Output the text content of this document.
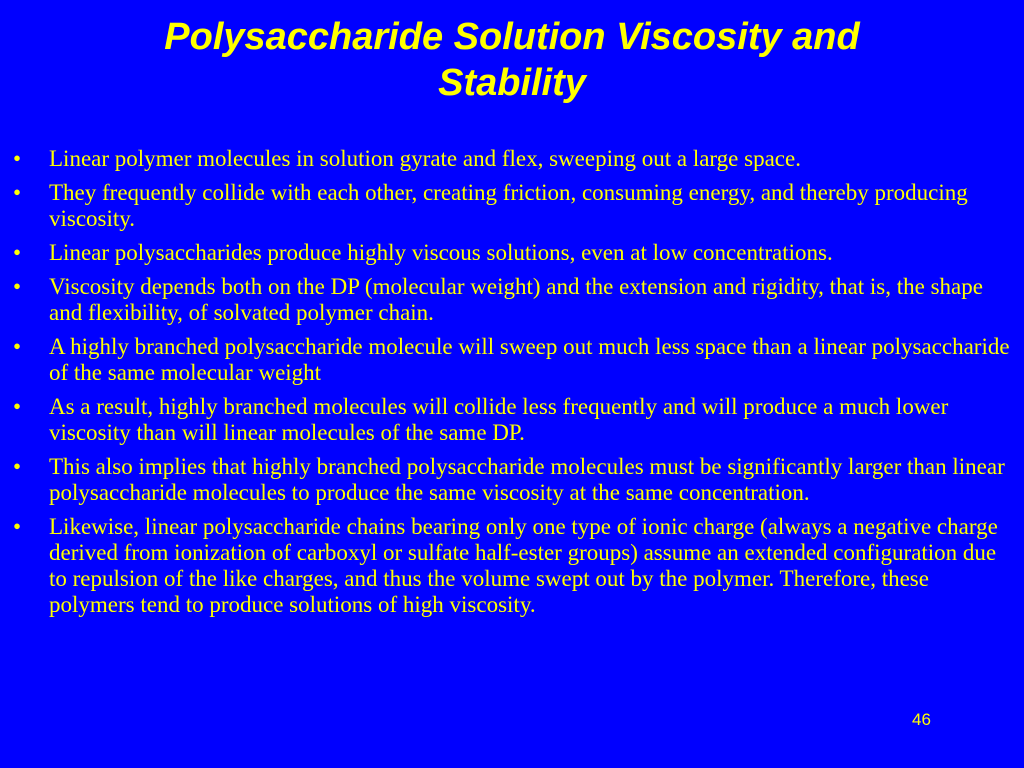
Polysaccharide Solution Viscosity and
Stability
• Linear polymer molecules in solution gyrate and flex, sweeping out a large space.
• They frequently collide with each other, creating friction, consuming energy, and thereby producing viscosity.
• Linear polysaccharides produce highly viscous solutions, even at low concentrations.
• Viscosity depends both on the DP (molecular weight) and the extension and rigidity, that is, the shape and flexibility, of solvated polymer chain.
• A highly branched polysaccharide molecule will sweep out much less space than a linear polysaccharide of the same molecular weight
• As a result, highly branched molecules will collide less frequently and will produce a much lower viscosity than will linear molecules of the same DP.
• This also implies that highly branched polysaccharide molecules must be significantly larger than linear polysaccharide molecules to produce the same viscosity at the same concentration.
• Likewise, linear polysaccharide chains bearing only one type of ionic charge (always a negative charge derived from ionization of carboxyl or sulfate half-ester groups) assume an extended configuration due to repulsion of the like charges, and thus the volume swept out by the polymer. Therefore, these polymers tend to produce solutions of high viscosity.
46
